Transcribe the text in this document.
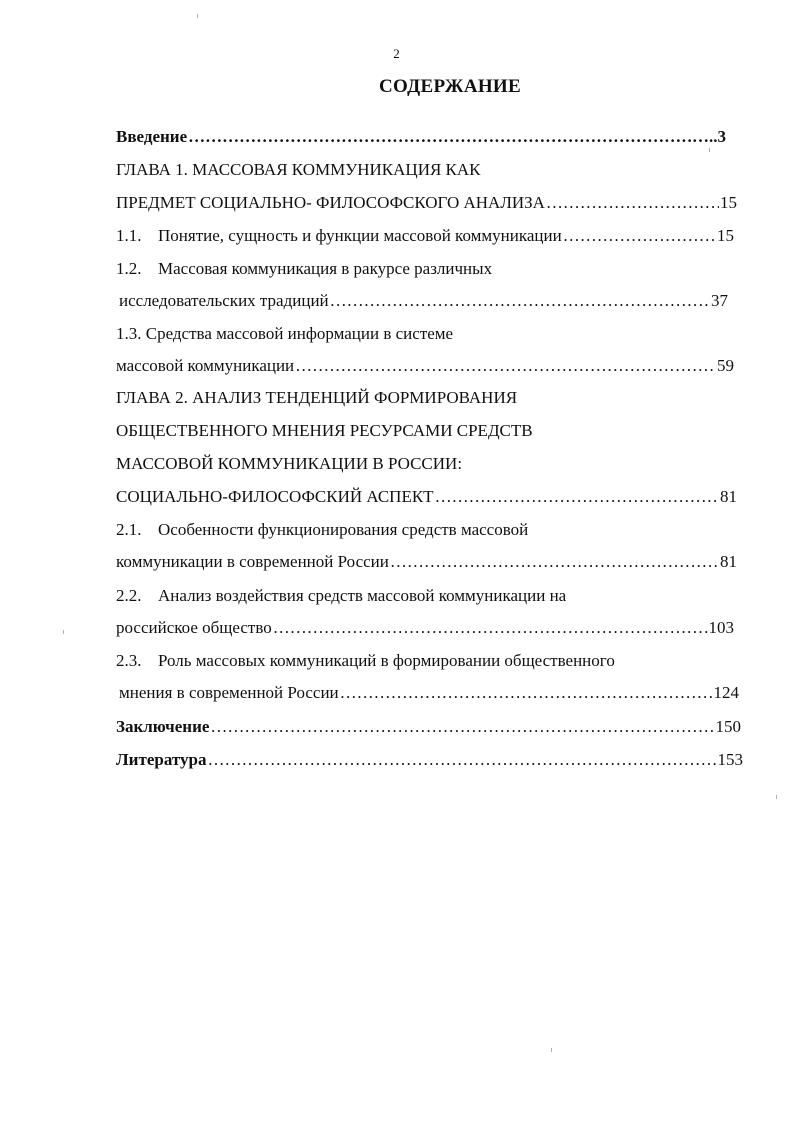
2
СОДЕРЖАНИЕ
Введение ……………………………………………………………………………………………………………………………………………………………………	…..3
ГЛАВА 1. МАССОВАЯ КОММУНИКАЦИЯ КАК
ПРЕДМЕТ СОЦИАЛЬНО- ФИЛОСОФСКОГО АНАЛИЗА ……………………………………………………………………………………………………………………………………………………………………	15
1.1. Понятие, сущность и функции массовой коммуникации ……………………………………………………………………………………………………………………………………………………………………	15
1.2. Массовая коммуникация в ракурсе различных
исследовательских традиций ……………………………………………………………………………………………………………………………………………………………………	37
1.3. Средства массовой информации в системе
массовой коммуникации ……………………………………………………………………………………………………………………………………………………………………	59
ГЛАВА 2. АНАЛИЗ ТЕНДЕНЦИЙ ФОРМИРОВАНИЯ
ОБЩЕСТВЕННОГО МНЕНИЯ РЕСУРСАМИ СРЕДСТВ
МАССОВОЙ КОММУНИКАЦИИ В РОССИИ:
СОЦИАЛЬНО-ФИЛОСОФСКИЙ АСПЕКТ ……………………………………………………………………………………………………………………………………………………………………	81
2.1. Особенности функционирования средств массовой
коммуникации в современной России ……………………………………………………………………………………………………………………………………………………………………	81
2.2. Анализ воздействия средств массовой коммуникации на
российское общество ……………………………………………………………………………………………………………………………………………………………………	103
2.3. Роль массовых коммуникаций в формировании общественного
мнения в современной России ……………………………………………………………………………………………………………………………………………………………………	124
Заключение ……………………………………………………………………………………………………………………………………………………………………	150
Литература ……………………………………………………………………………………………………………………………………………………………………	153
